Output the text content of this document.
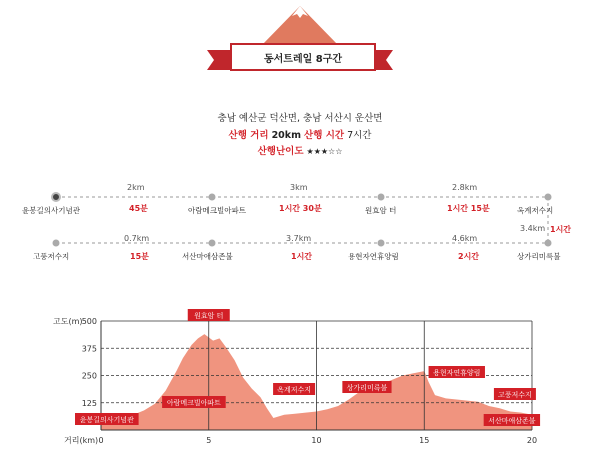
동서트레일 8구간
충남 예산군 덕산면, 충남 서산시 운산면
산행 거리 20km 산행 시간 7시간
산행난이도 ★★★☆☆
윤봉길의사기념관	아람메크빌아파트	원효암 터	옥계저수지
2km	3km	2.8km
45분	1시간 30분	1시간 15분
고풍저수지	서산마애삼존불	용현자연휴양림	상가리미륵불
0.7km	3.7km	4.6km
3.4km
15분	1시간	2시간
1시간
125
250
375
500
0	5	10	15	20
고도(m)
거리(km)
윤봉길의사기념관
아람메크빌아파트
원효암 터
옥계저수지	상가리미륵불
용현자연휴양림
서산마애삼존불
고풍저수지
